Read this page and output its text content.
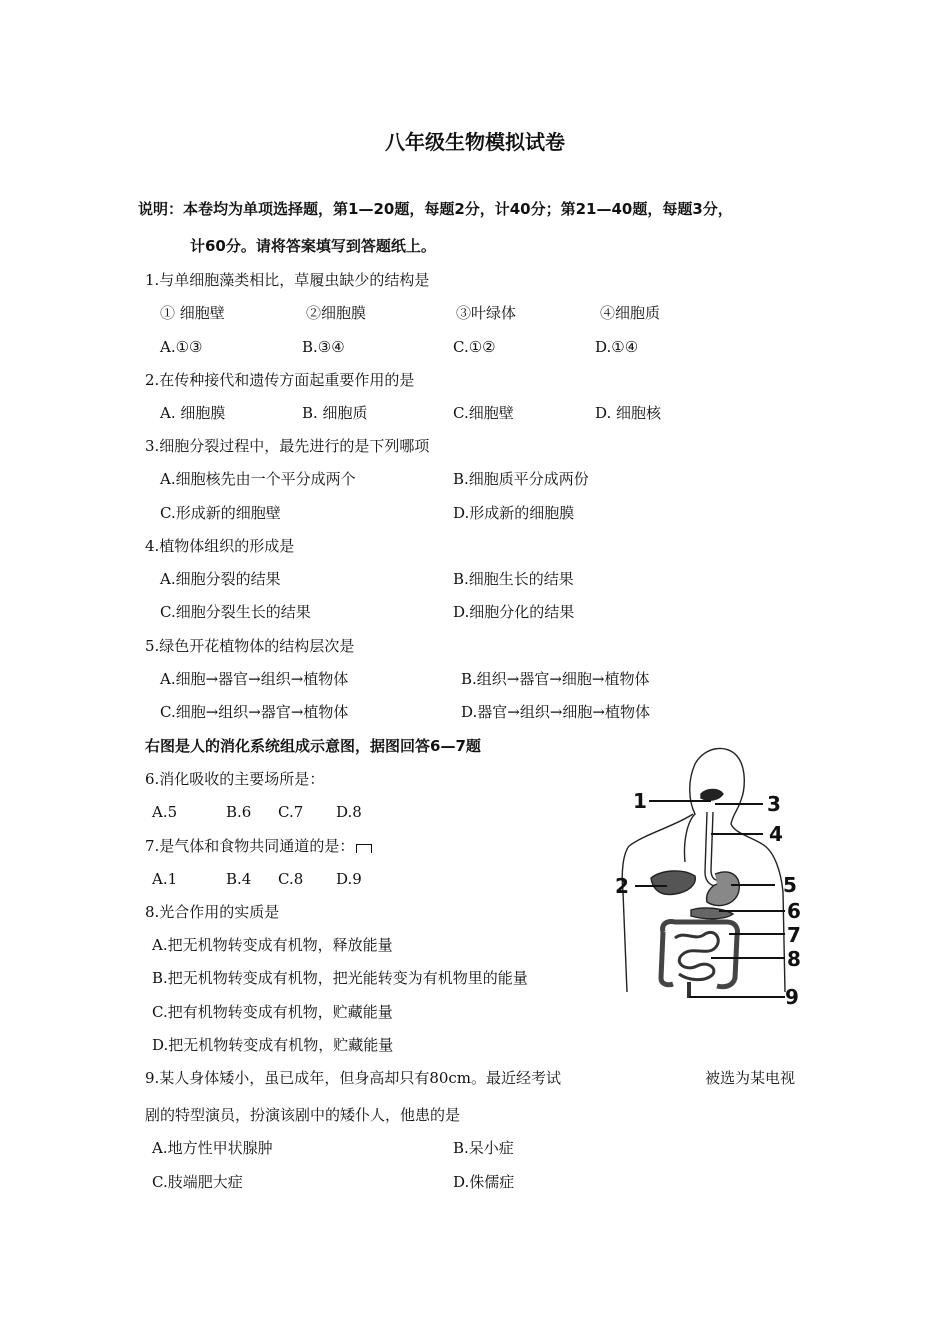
八年级生物模拟试卷
说明：本卷均为单项选择题，第1—20题，每题2分，计40分；第21—40题，每题3分，
计60分。请将答案填写到答题纸上。
1.与单细胞藻类相比，草履虫缺少的结构是
① 细胞壁	②细胞膜	③叶绿体	④细胞质
A.①③	B.③④	C.①②	D.①④
2.在传种接代和遗传方面起重要作用的是
A. 细胞膜	B. 细胞质	C.细胞壁	D. 细胞核
3.细胞分裂过程中，最先进行的是下列哪项
A.细胞核先由一个平分成两个	B.细胞质平分成两份
C.形成新的细胞壁	D.形成新的细胞膜
4.植物体组织的形成是
A.细胞分裂的结果	B.细胞生长的结果
C.细胞分裂生长的结果	D.细胞分化的结果
5.绿色开花植物体的结构层次是
A.细胞→器官→组织→植物体	B.组织→器官→细胞→植物体
C.细胞→组织→器官→植物体	D.器官→组织→细胞→植物体
右图是人的消化系统组成示意图，据图回答6—7题
6.消化吸收的主要场所是：
A.5	B.6 C.7 D.8
7.是气体和食物共同通道的是：
A.1	B.4 C.8 D.9
8.光合作用的实质是
A.把无机物转变成有机物，释放能量
B.把无机物转变成有机物，把光能转变为有机物里的能量
C.把有机物转变成有机物，贮藏能量
D.把无机物转变成有机物，贮藏能量
9.某人身体矮小，虽已成年，但身高却只有80cm。最近经考试	被选为某电视
剧的特型演员，扮演该剧中的矮仆人，他患的是
A.地方性甲状腺肿	B.呆小症
C.肢端肥大症	D.侏儒症
1
2
3
4
5
6
7
8
9
